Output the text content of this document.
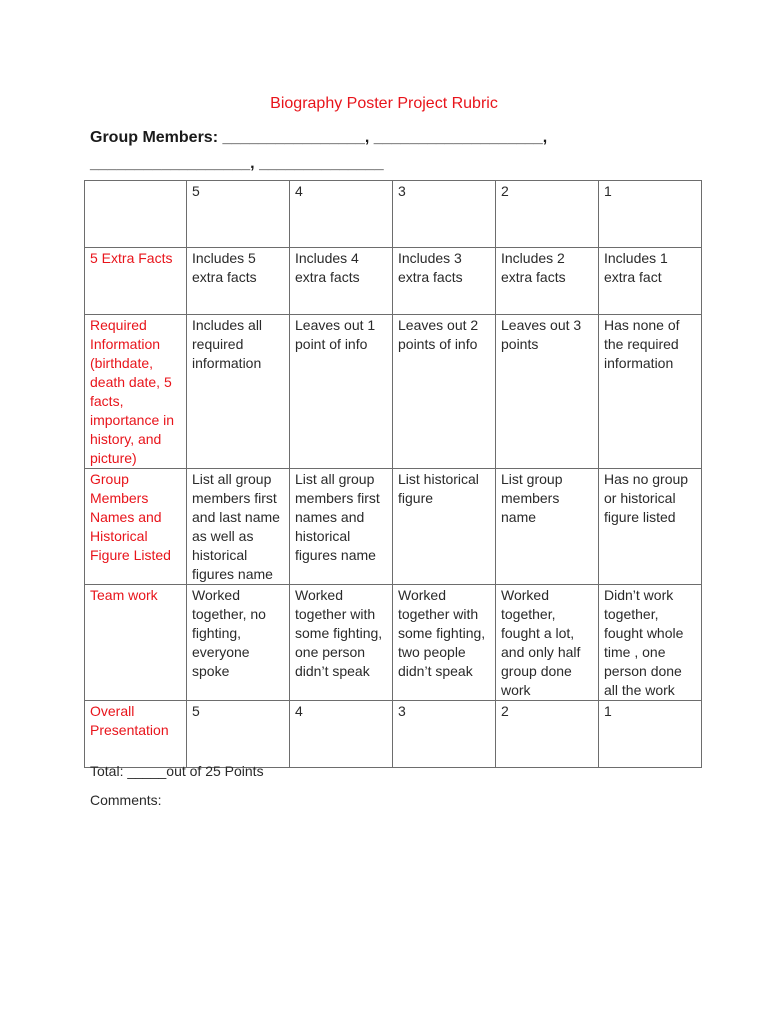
Biography Poster Project Rubric
Group Members: ________________, ___________________,
__________________, ______________
	5	4	3	2	1
5 Extra Facts	Includes 5 extra facts	Includes 4 extra facts	Includes 3 extra facts	Includes 2 extra facts	Includes 1 extra fact
Required Information (birthdate, death date, 5 facts, importance in history, and picture)	Includes all required information	Leaves out 1 point of info	Leaves out 2 points of info	Leaves out 3 points	Has none of the required information
Group Members Names and Historical Figure Listed	List all group members first and last name as well as historical figures name	List all group members first names and historical figures name	List historical figure	List group members name	Has no group or historical figure listed
Team work	Worked together, no fighting, everyone spoke	Worked together with some fighting, one person didn’t speak	Worked together with some fighting, two people didn’t speak	Worked together, fought a lot, and only half group done work	Didn’t work together, fought whole time , one person done all the work
Overall Presentation	5	4	3	2	1
Total: _____out of 25 Points
Comments:
